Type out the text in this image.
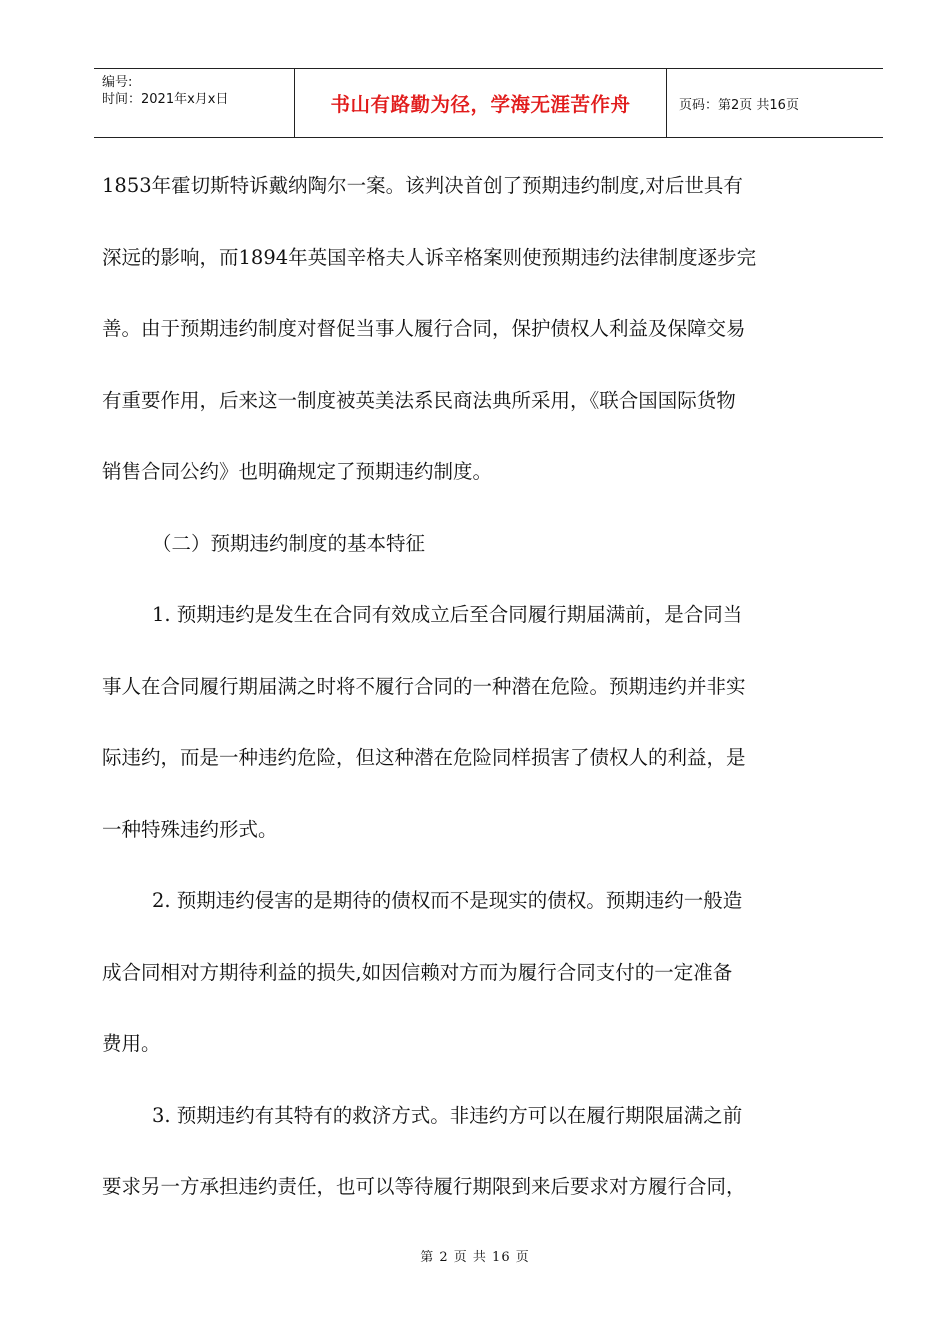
编号:
时间：2021年x月x日	书山有路勤为径，学海无涯苦作舟	页码：第2页 共16页
1853年霍切斯特诉戴纳陶尔一案。该判决首创了预期违约制度,对后世具有
深远的影响，而1894年英国辛格夫人诉辛格案则使预期违约法律制度逐步完
善。由于预期违约制度对督促当事人履行合同，保护债权人利益及保障交易
有重要作用，后来这一制度被英美法系民商法典所采用，《联合国国际货物
销售合同公约》也明确规定了预期违约制度。
（二）预期违约制度的基本特征
1. 预期违约是发生在合同有效成立后至合同履行期届满前，是合同当
事人在合同履行期届满之时将不履行合同的一种潜在危险。预期违约并非实
际违约，而是一种违约危险，但这种潜在危险同样损害了债权人的利益，是
一种特殊违约形式。
2. 预期违约侵害的是期待的债权而不是现实的债权。预期违约一般造
成合同相对方期待利益的损失,如因信赖对方而为履行合同支付的一定准备
费用。
3. 预期违约有其特有的救济方式。非违约方可以在履行期限届满之前
要求另一方承担违约责任，也可以等待履行期限到来后要求对方履行合同，
第 2 页 共 16 页
